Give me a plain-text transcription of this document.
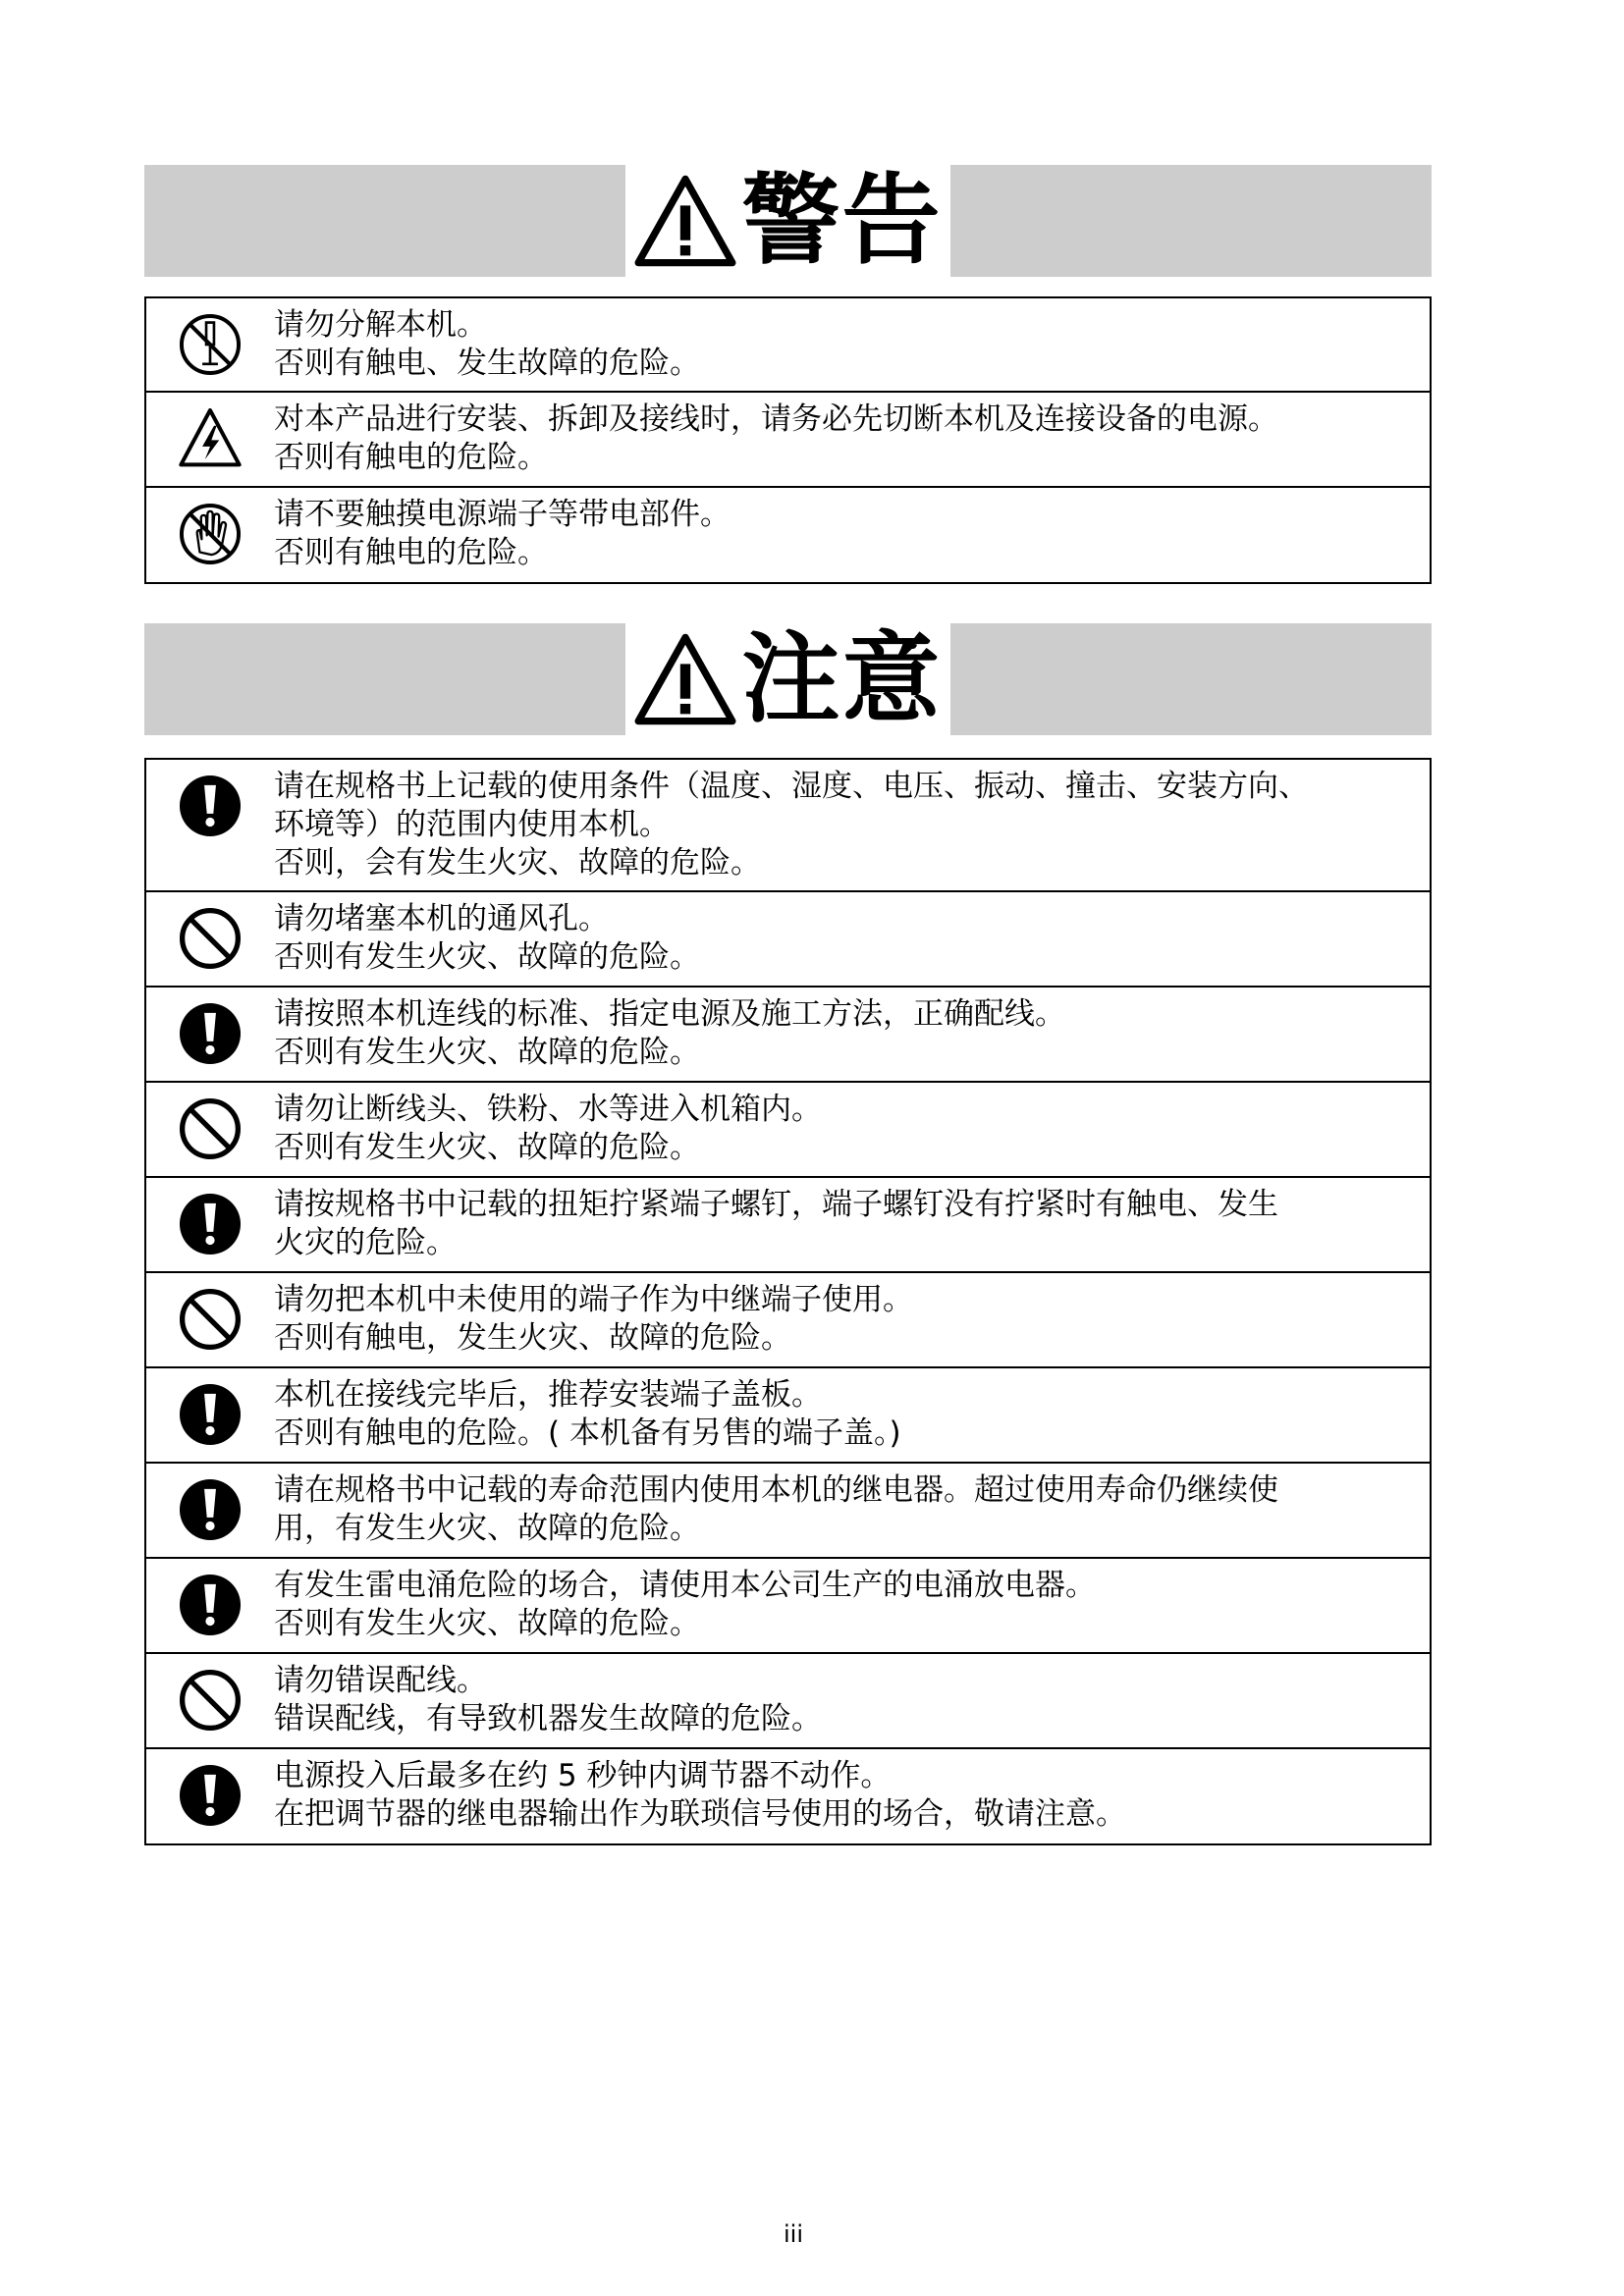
警告
请勿分解本机。
否则有触电、发生故障的危险。
对本产品进行安装、拆卸及接线时，请务必先切断本机及连接设备的电源。
否则有触电的危险。
请不要触摸电源端子等带电部件。
否则有触电的危险。
注意
请在规格书上记载的使用条件（温度、湿度、电压、振动、撞击、安装方向、
环境等）的范围内使用本机。
否则，会有发生火灾、故障的危险。
请勿堵塞本机的通风孔。
否则有发生火灾、故障的危险。
请按照本机连线的标准、指定电源及施工方法，正确配线。
否则有发生火灾、故障的危险。
请勿让断线头、铁粉、水等进入机箱内。
否则有发生火灾、故障的危险。
请按规格书中记载的扭矩拧紧端子螺钉，端子螺钉没有拧紧时有触电、发生
火灾的危险。
请勿把本机中未使用的端子作为中继端子使用。
否则有触电，发生火灾、故障的危险。
本机在接线完毕后，推荐安装端子盖板。
否则有触电的危险。( 本机备有另售的端子盖。)
请在规格书中记载的寿命范围内使用本机的继电器。超过使用寿命仍继续使
用，有发生火灾、故障的危险。
有发生雷电涌危险的场合，请使用本公司生产的电涌放电器。
否则有发生火灾、故障的危险。
请勿错误配线。
错误配线，有导致机器发生故障的危险。
电源投入后最多在约 5 秒钟内调节器不动作。
在把调节器的继电器输出作为联琐信号使用的场合，敬请注意。
iii
